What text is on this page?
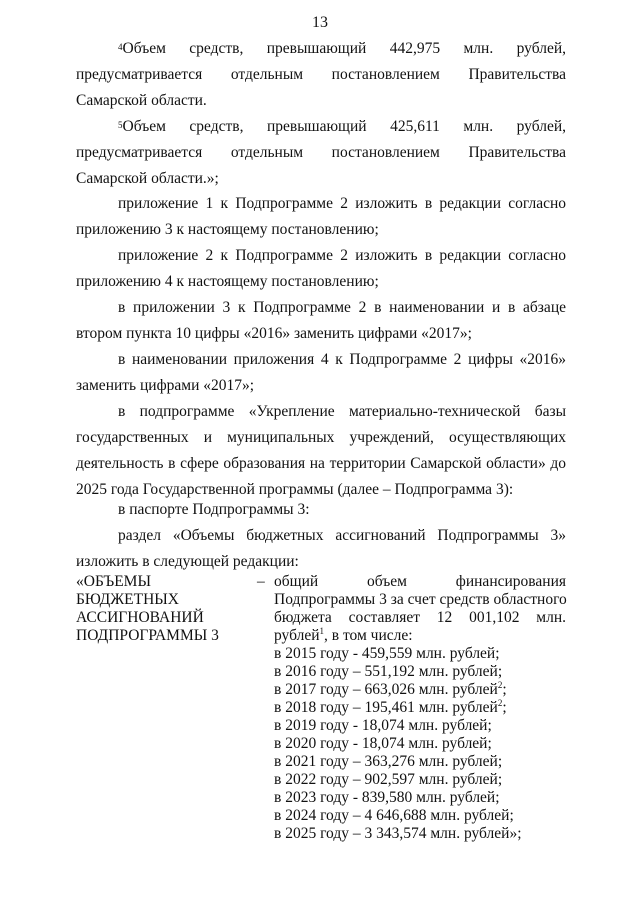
13
$^4$Объем средств, превышающий 442,975 млн. рублей,
предусматривается отдельным постановлением Правительства Самарской области.
$^5$Объем средств, превышающий 425,611 млн. рублей,
предусматривается отдельным постановлением Правительства Самарской области.»;
приложение 1 к Подпрограмме 2 изложить в редакции согласно приложению 3 к настоящему постановлению;
приложение 2 к Подпрограмме 2 изложить в редакции согласно приложению 4 к настоящему постановлению;
в приложении 3 к Подпрограмме 2 в наименовании и в абзаце втором пункта 10 цифры «2016» заменить цифрами «2017»;
в наименовании приложения 4 к Подпрограмме 2 цифры «2016» заменить цифрами «2017»;
в подпрограмме «Укрепление материально-технической базы государственных и муниципальных учреждений, осуществляющих деятельность в сфере образования на территории Самарской области» до 2025 года Государственной программы (далее – Подпрограмма 3):
в паспорте Подпрограммы 3:
раздел «Объемы бюджетных ассигнований Подпрограммы 3» изложить в следующей редакции:
«ОБЪЕМЫ
БЮДЖЕТНЫХ
АССИГНОВАНИЙ
ПОДПРОГРАММЫ 3
– общий объем финансирования
Подпрограммы 3 за счет средств областного
бюджета составляет 12 001,102 млн.
рублей$^1$, в том числе:
в 2015 году - 459,559 млн. рублей;
в 2016 году – 551,192 млн. рублей;
в 2017 году – 663,026 млн. рублей$^2$;
в 2018 году – 195,461 млн. рублей$^2$;
в 2019 году - 18,074 млн. рублей;
в 2020 году - 18,074 млн. рублей;
в 2021 году – 363,276 млн. рублей;
в 2022 году – 902,597 млн. рублей;
в 2023 году - 839,580 млн. рублей;
в 2024 году – 4 646,688 млн. рублей;
в 2025 году – 3 343,574 млн. рублей»;
